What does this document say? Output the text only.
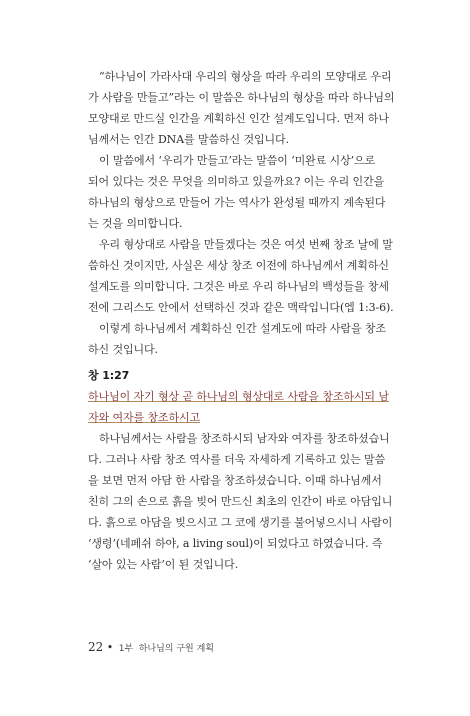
“하나님이 가라사대 우리의 형상을 따라 우리의 모양대로 우리
가 사람을 만들고”라는 이 말씀은 하나님의 형상을 따라 하나님의
모양대로 만드실 인간을 계획하신 인간 설계도입니다. 먼저 하나
님께서는 인간 DNA를 말씀하신 것입니다.
이 말씀에서 ‘우리가 만들고’라는 말씀이 ‘미완료 시상’으로
되어 있다는 것은 무엇을 의미하고 있을까요? 이는 우리 인간을
하나님의 형상으로 만들어 가는 역사가 완성될 때까지 계속된다
는 것을 의미합니다.
우리 형상대로 사람을 만들겠다는 것은 여섯 번째 창조 날에 말
씀하신 것이지만, 사실은 세상 창조 이전에 하나님께서 계획하신
설계도를 의미합니다. 그것은 바로 우리 하나님의 백성들을 창세
전에 그리스도 안에서 선택하신 것과 같은 맥락입니다(엡 1:3-6).
이렇게 하나님께서 계획하신 인간 설계도에 따라 사람을 창조
하신 것입니다.
창 1:27
하나님이 자기 형상 곧 하나님의 형상대로 사람을 창조하시되 남
자와 여자를 창조하시고
하나님께서는 사람을 창조하시되 남자와 여자를 창조하셨습니
다. 그러나 사람 창조 역사를 더욱 자세하게 기록하고 있는 말씀
을 보면 먼저 아담 한 사람을 창조하셨습니다. 이때 하나님께서
친히 그의 손으로 흙을 빚어 만드신 최초의 인간이 바로 아담입니
다. 흙으로 아담을 빚으시고 그 코에 생기를 불어넣으시니 사람이
‘생령’(네페쉬 하야, a living soul)이 되었다고 하였습니다. 즉
‘살아 있는 사람’이 된 것입니다.
22 • 1부 하나님의 구원 계획
